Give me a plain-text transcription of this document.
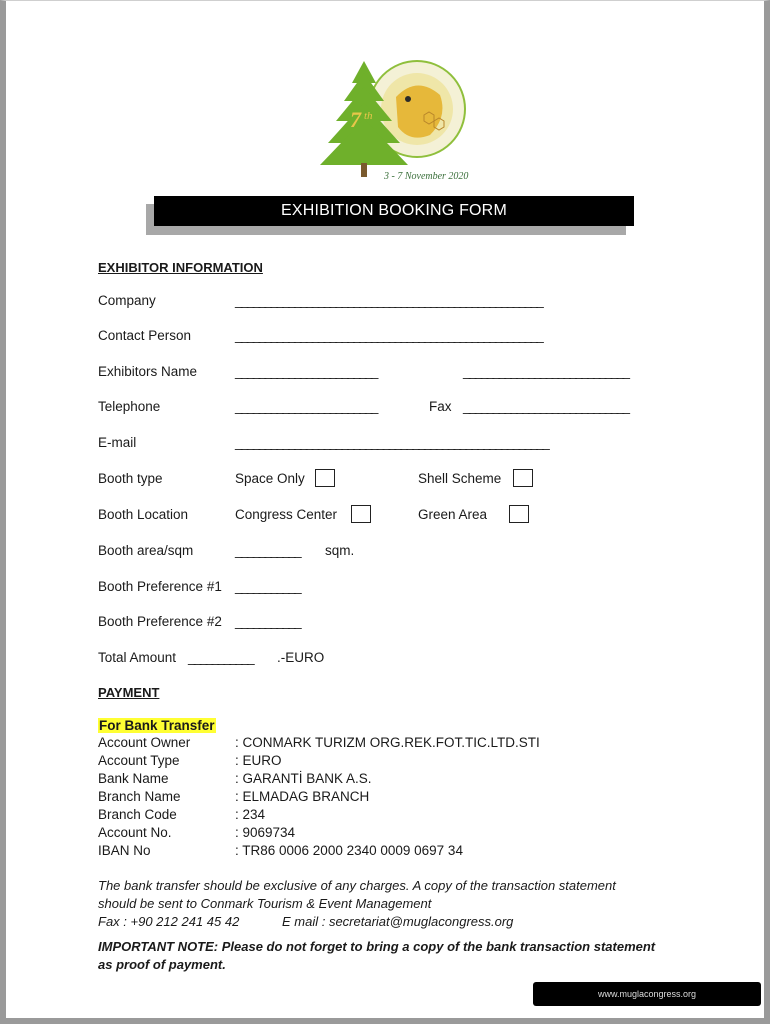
7 th
3 - 7 November 2020
EXHIBITION BOOKING FORM
EXHIBITOR INFORMATION
Company	____________________________________________________
Contact Person	____________________________________________________
Exhibitors Name	________________________	____________________________
Telephone	________________________	Fax ____________________________
E-mail	_____________________________________________________
Booth type	Space Only	Shell Scheme
Booth Location	Congress Center	Green Area
Booth area/sqm	___________ sqm.
Booth Preference #1 ___________
Booth Preference #2 ___________
Total Amount ___________ .-EURO
PAYMENT
For Bank Transfer
Account Owner	: CONMARK TURIZM ORG.REK.FOT.TIC.LTD.STI
Account Type	: EURO
Bank Name	: GARANTİ BANK A.S.
Branch Name	: ELMADAG BRANCH
Branch Code	: 234
Account No.	: 9069734
IBAN No	: TR86 0006 2000 2340 0009 0697 34
The bank transfer should be exclusive of any charges. A copy of the transaction statement
should be sent to Conmark Tourism & Event Management
Fax : +90 212 241 45 42	E mail : secretariat@muglacongress.org
IMPORTANT NOTE: Please do not forget to bring a copy of the bank transaction statement
as proof of payment.
www.muglacongress.org
